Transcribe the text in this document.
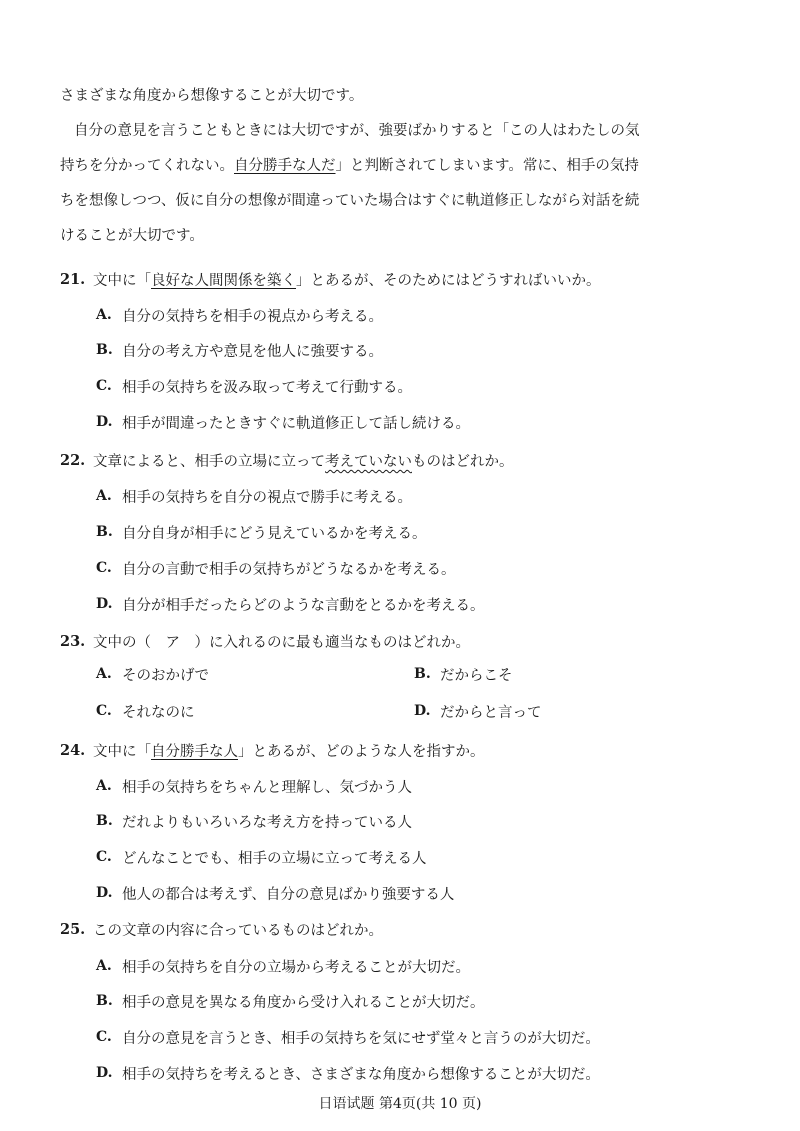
さまざまな角度から想像することが大切です。
自分の意見を言うこともときには大切ですが、強要ばかりすると「この人はわたしの気
持ちを分かってくれない。自分勝手な人だ」と判断されてしまいます。常に、相手の気持
ちを想像しつつ、仮に自分の想像が間違っていた場合はすぐに軌道修正しながら対話を続
けることが大切です。
21. 文中に「良好な人間関係を築く」とあるが、そのためにはどうすればいいか。
A. 自分の気持ちを相手の視点から考える。
B. 自分の考え方や意見を他人に強要する。
C. 相手の気持ちを汲み取って考えて行動する。
D. 相手が間違ったときすぐに軌道修正して話し続ける。
22. 文章によると、相手の立場に立って考えていないものはどれか。
A. 相手の気持ちを自分の視点で勝手に考える。
B. 自分自身が相手にどう見えているかを考える。
C. 自分の言動で相手の気持ちがどうなるかを考える。
D. 自分が相手だったらどのような言動をとるかを考える。
23. 文中の（　ア　）に入れるのに最も適当なものはどれか。
A. そのおかげで	B. だからこそ
C. それなのに	D. だからと言って
24. 文中に「自分勝手な人」とあるが、どのような人を指すか。
A. 相手の気持ちをちゃんと理解し、気づかう人
B. だれよりもいろいろな考え方を持っている人
C. どんなことでも、相手の立場に立って考える人
D. 他人の都合は考えず、自分の意見ばかり強要する人
25. この文章の内容に合っているものはどれか。
A. 相手の気持ちを自分の立場から考えることが大切だ。
B. 相手の意見を異なる角度から受け入れることが大切だ。
C. 自分の意見を言うとき、相手の気持ちを気にせず堂々と言うのが大切だ。
D. 相手の気持ちを考えるとき、さまざまな角度から想像することが大切だ。
日语试题 第4页(共 10 页)
